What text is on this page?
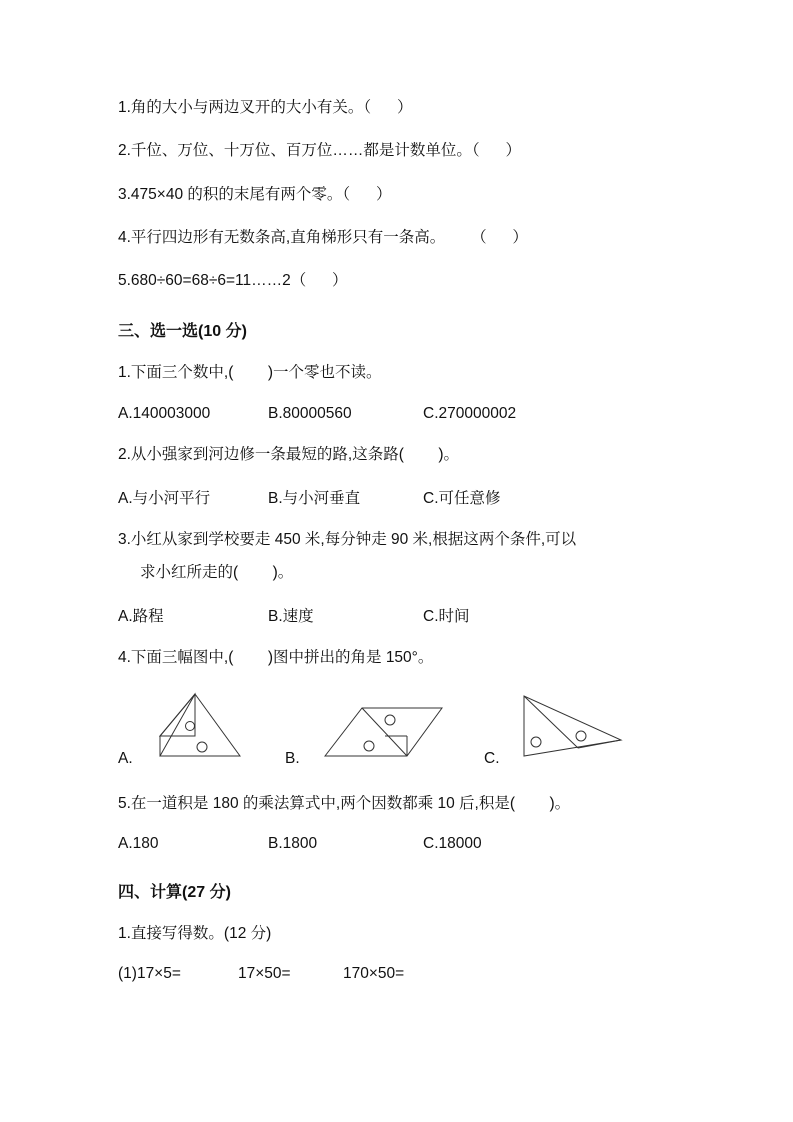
1.角的大小与两边叉开的大小有关。（      ）
2.千位、万位、十万位、百万位……都是计数单位。（      ）
3.475×40 的积的末尾有两个零。（      ）
4.平行四边形有无数条高,直角梯形只有一条高。      （      ）
5.680÷60=68÷6=11……2（      ）
三、选一选(10 分)
1.下面三个数中,(        )一个零也不读。
A.140003000	B.80000560	C.270000002
2.从小强家到河边修一条最短的路,这条路(        )。
A.与小河平行	B.与小河垂直	C.可任意修
3.小红从家到学校要走 450 米,每分钟走 90 米,根据这两个条件,可以
求小红所走的(        )。
A.路程	B.速度	C.时间
4.下面三幅图中,(        )图中拼出的角是 150°。
A.	B.	C.
5.在一道积是 180 的乘法算式中,两个因数都乘 10 后,积是(        )。
A.180	B.1800	C.18000
四、计算(27 分)
1.直接写得数。(12 分)
(1)17×5=	17×50=	170×50=
